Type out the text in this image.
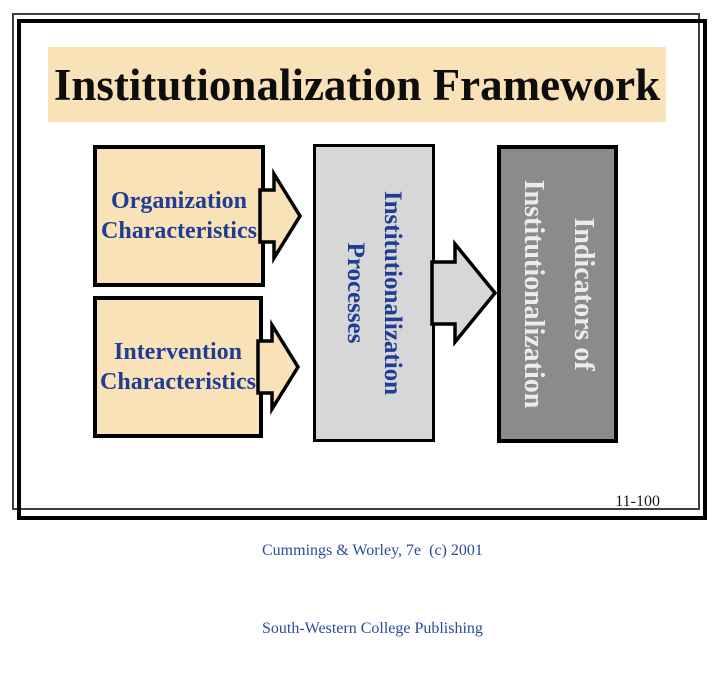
Institutionalization Framework
Organization
Characteristics
Intervention
Characteristics	Institutionalization
Processes	Indicators of
Institutionalization

Cummings & Worley, 7e  (c) 2001

South-Western College Publishing

11-100
